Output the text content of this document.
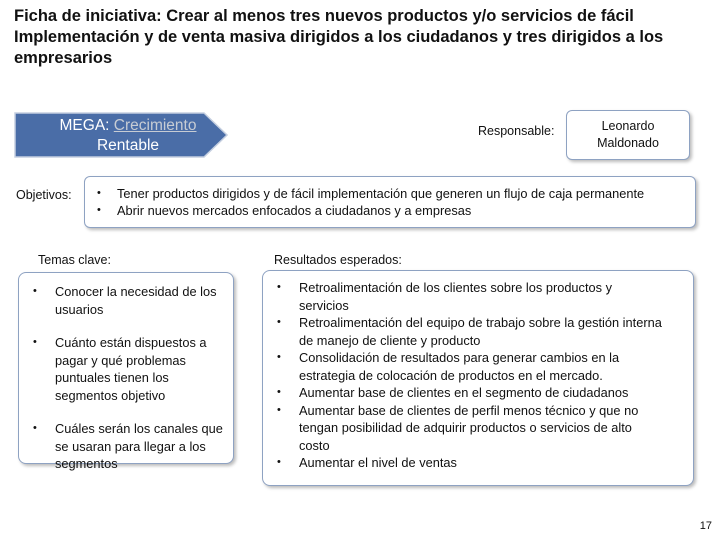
Ficha de iniciativa: Crear al menos tres nuevos productos y/o servicios de fácil Implementación y de venta masiva dirigidos a los ciudadanos y tres dirigidos a los empresarios
MEGA: Crecimiento
Rentable
Responsable:	Leonardo
Maldonado
Objetivos:
•	Tener productos dirigidos y de fácil implementación que generen un flujo de caja permanente
• Abrir nuevos mercados enfocados a ciudadanos y a empresas
Temas clave:
• Conocer la necesidad de los usuarios
• Cuánto están dispuestos a pagar y qué problemas puntuales tienen los segmentos objetivo
• Cuáles serán los canales que se usaran para llegar a los segmentos
Resultados esperados:
• Retroalimentación de los clientes sobre los productos y servicios
• Retroalimentación del equipo de trabajo sobre la gestión interna de manejo de cliente y producto
• Consolidación de resultados para generar cambios en la estrategia de colocación de productos en el mercado.
• Aumentar base de clientes en el segmento de ciudadanos
• Aumentar base de clientes de perfil menos técnico y que no tengan posibilidad de adquirir productos o servicios de alto costo
• Aumentar el nivel de ventas
17
